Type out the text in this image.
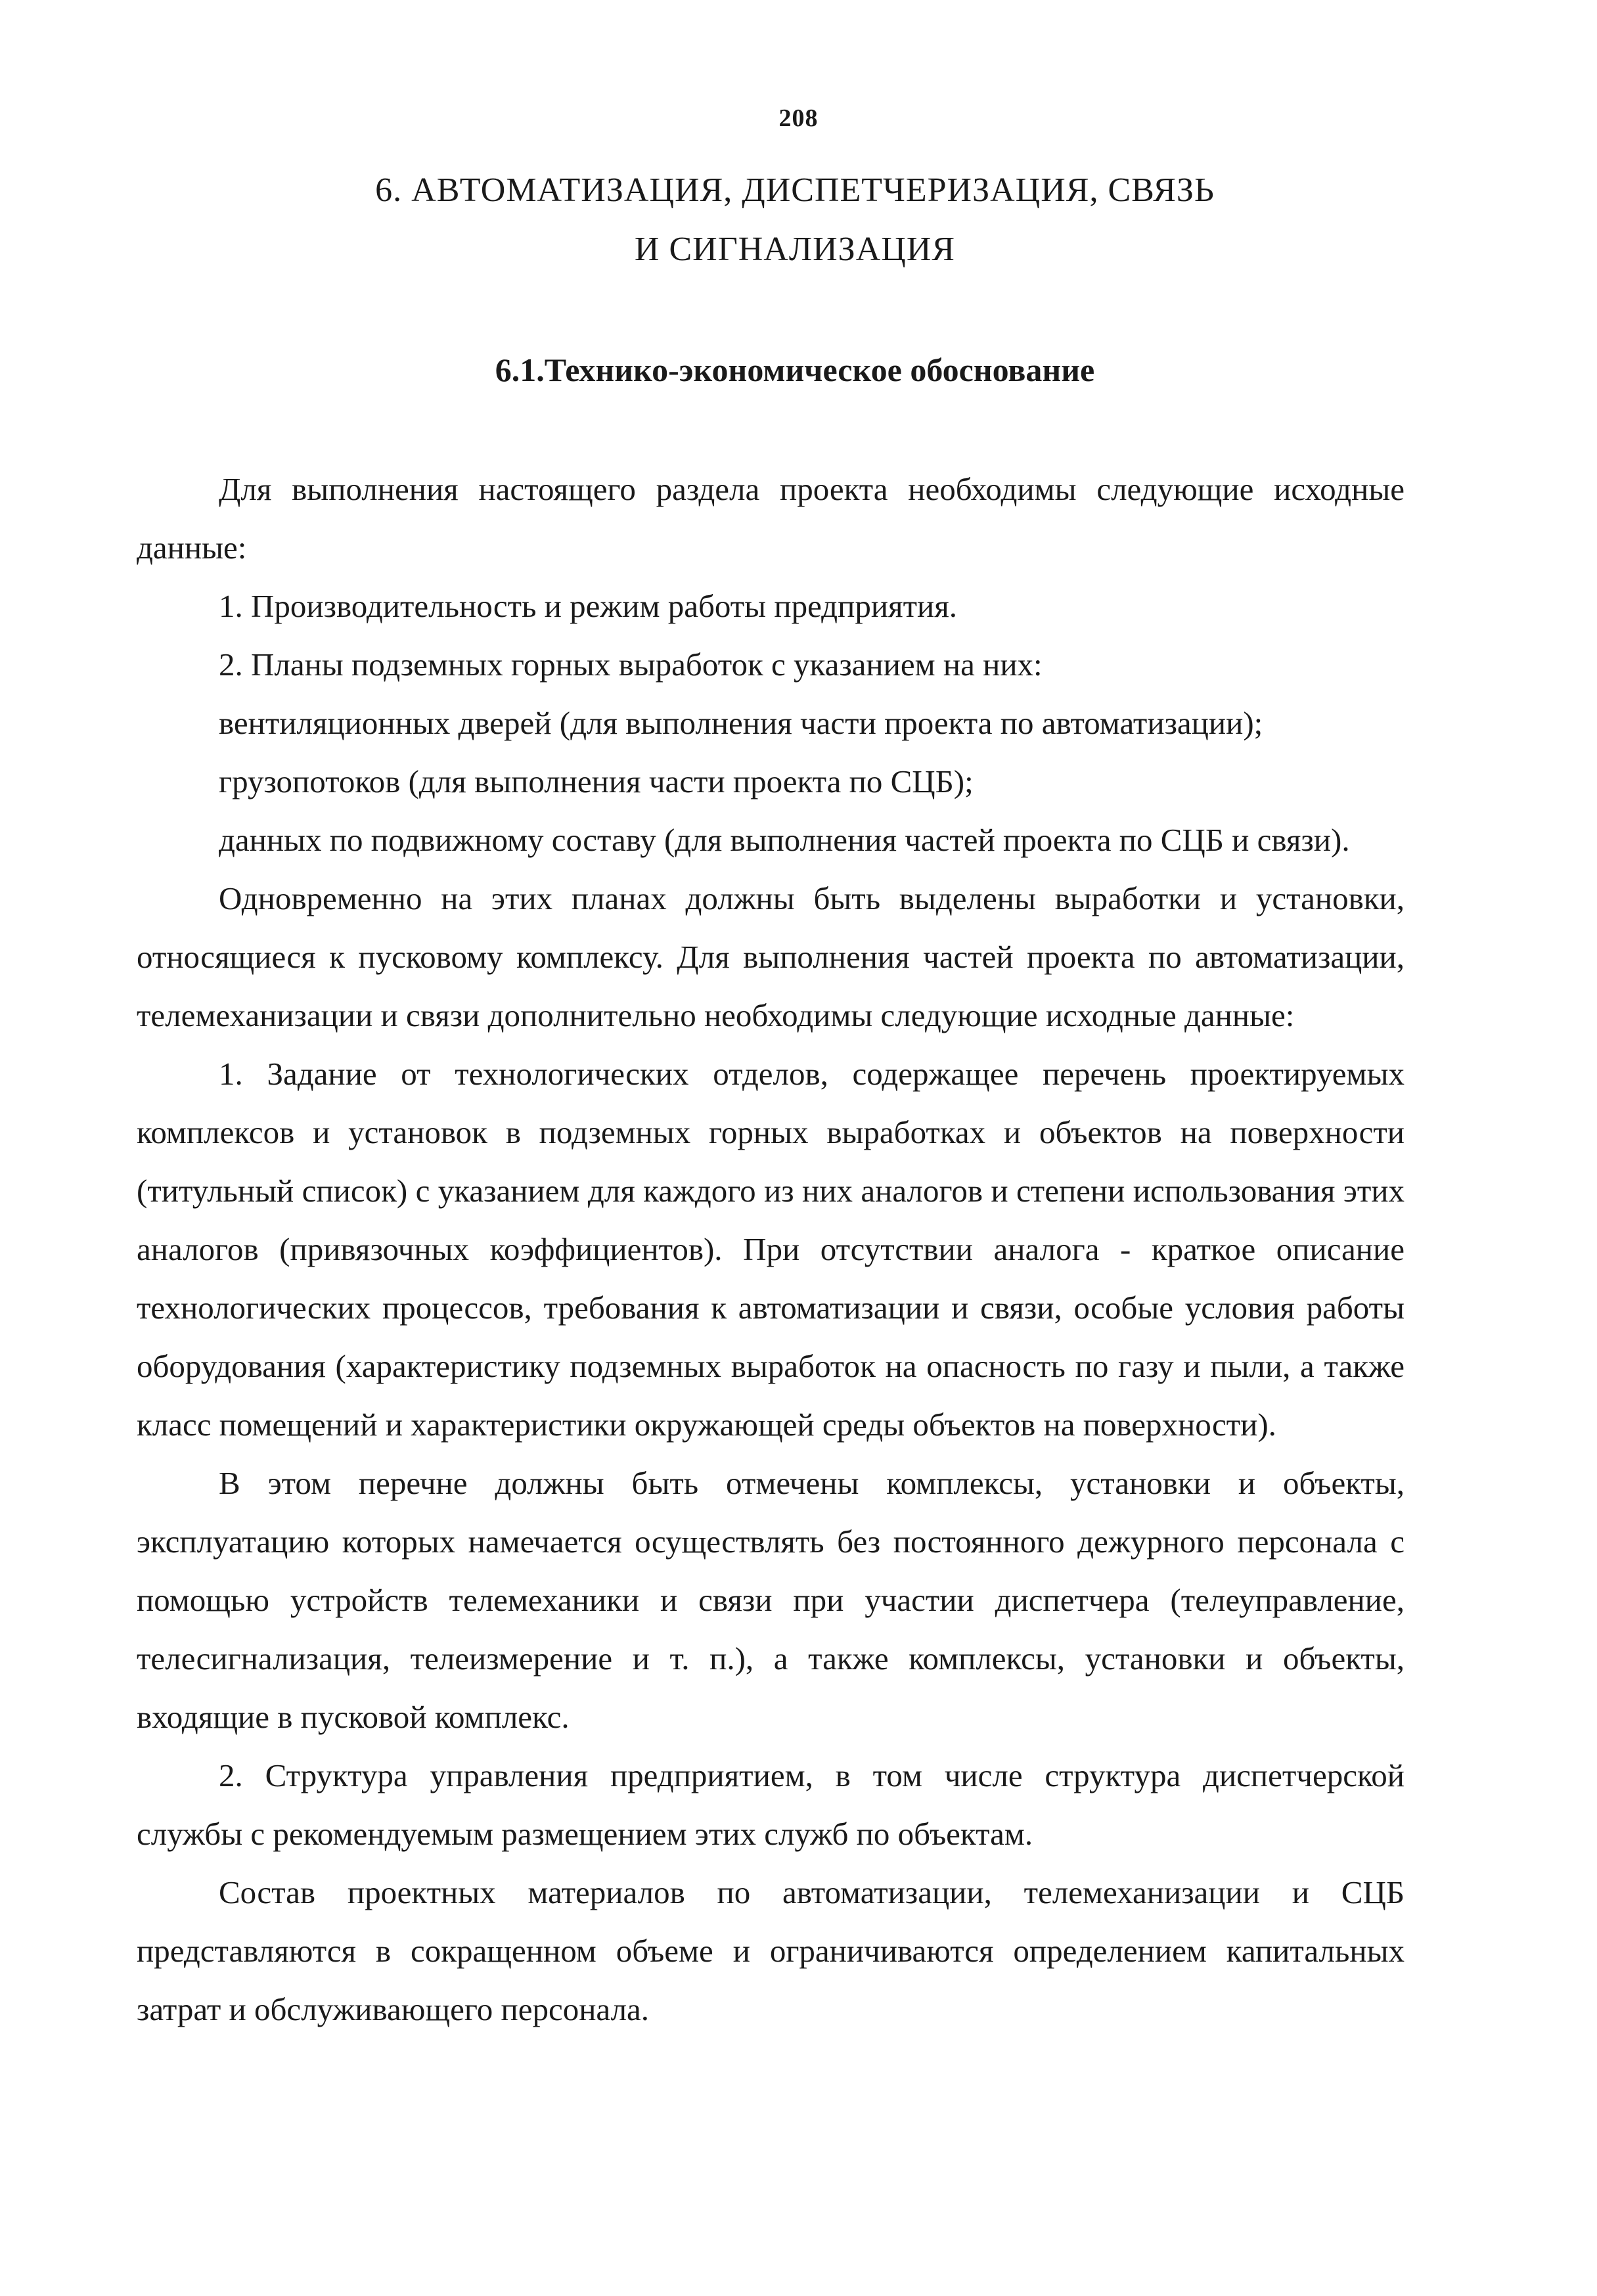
208
6. АВТОМАТИЗАЦИЯ, ДИСПЕТЧЕРИЗАЦИЯ, СВЯЗЬ
И СИГНАЛИЗАЦИЯ
6.1.Технико-экономическое обоснование

Для выполнения настоящего раздела проекта необходимы следующие исходные данные:

1. Производительность и режим работы предприятия.

2. Планы подземных горных выработок с указанием на них:

вентиляционных дверей (для выполнения части проекта по автоматизации);

грузопотоков (для выполнения части проекта по СЦБ);

данных по подвижному составу (для выполнения частей проекта по СЦБ и связи).

Одновременно на этих планах должны быть выделены выработки и установки, относящиеся к пусковому комплексу. Для выполнения частей проекта по автоматизации, телемеханизации и связи дополнительно необходимы следующие исходные данные:

1. Задание от технологических отделов, содержащее перечень проектируемых комплексов и установок в подземных горных выработках и объектов на поверхности (титульный список) с указанием для каждого из них аналогов и степени использования этих аналогов (привязочных коэффициентов). При отсутствии аналога - краткое описание технологических процессов, требования к автоматизации и связи, особые условия работы оборудования (характеристику подземных выработок на опасность по газу и пыли, а также класс помещений и характеристики окружающей среды объектов на поверхности).

В этом перечне должны быть отмечены комплексы, установки и объекты, эксплуатацию которых намечается осуществлять без постоянного дежурного персонала с помощью устройств телемеханики и связи при участии диспетчера (телеуправление, телесигнализация, телеизмерение и т. п.), а также комплексы, установки и объекты, входящие в пусковой комплекс.

2. Структура управления предприятием, в том числе структура диспетчерской службы с рекомендуемым размещением этих служб по объектам.

Состав проектных материалов по автоматизации, телемеханизации и СЦБ представляются в сокращенном объеме и ограничиваются определением капитальных затрат и обслуживающего персонала.
